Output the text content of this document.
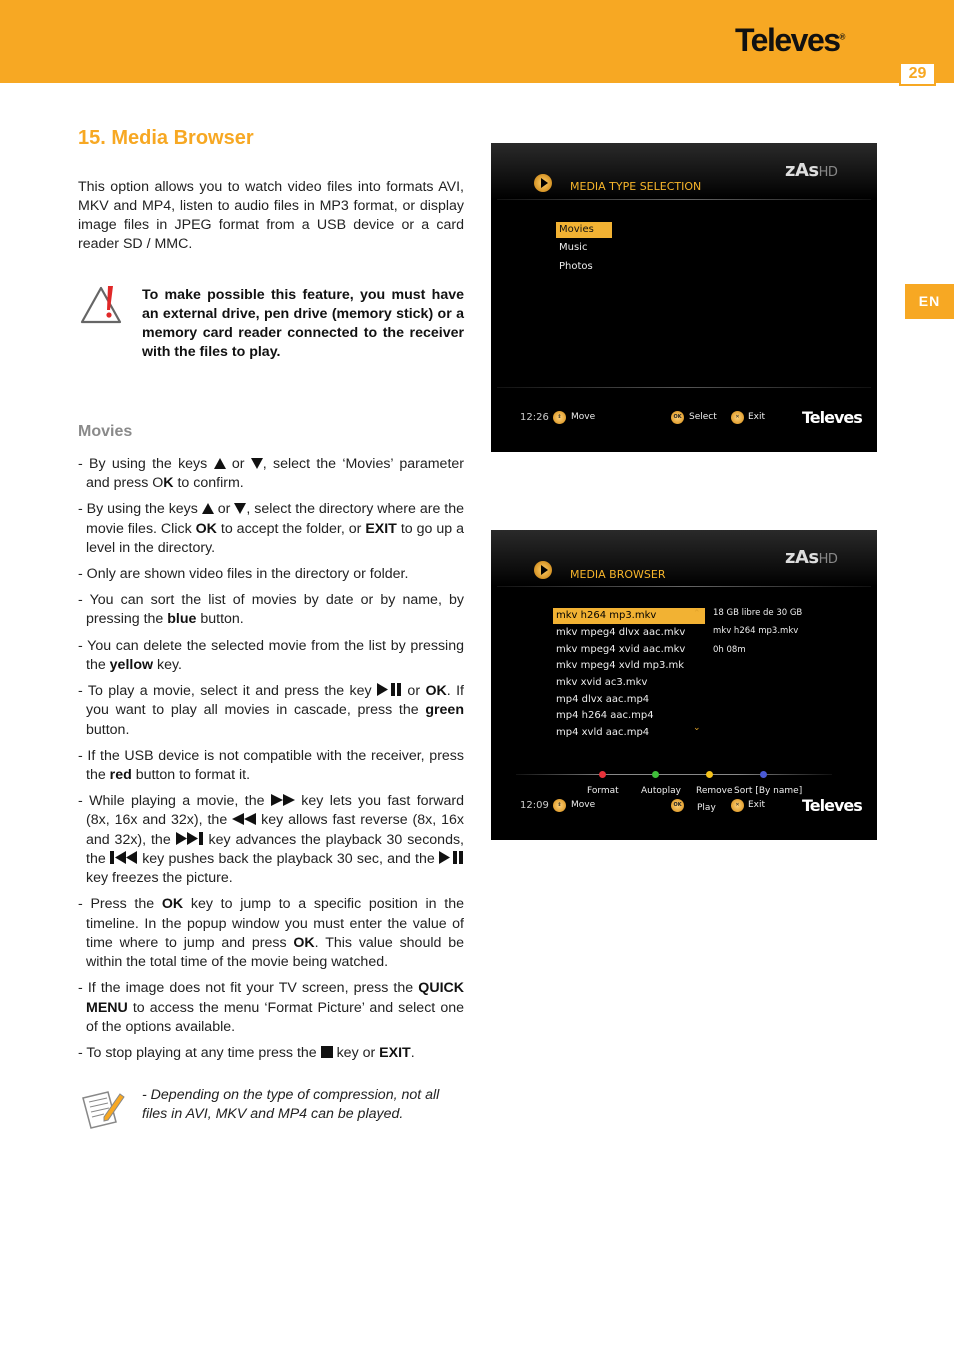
Televes®
29
EN
15. Media Browser

This option allows you to watch video files into formats AVI, MKV and MP4, listen to audio files in MP3 format, or display image files in JPEG format from a USB device or a card reader SD / MMC.

To make possible this feature, you must have an external drive, pen drive (memory stick) or a memory card reader connected to the receiver with the files to play.

Movies
- By using the keys  or , select the ‘Movies’ parameter and press OK to confirm.
- By using the keys  or , select the directory where are the movie files. Click OK to accept the folder, or EXIT to go up a level in the directory.
- Only are shown video files in the directory or folder.
- You can sort the list of movies by date or by name, by pressing the blue button.
- You can delete the selected movie from the list by pressing the yellow key.
- To play a movie, select it and press the key  or OK. If you want to play all movies in cascade, press the green button.
- If the USB device is not compatible with the receiver, press the red button to format it.
- While playing a movie, the  key lets you fast forward (8x, 16x and 32x), the  key allows fast reverse (8x, 16x and 32x), the  key advances the playback 30 seconds, the  key pushes back the playback 30 sec, and the  key freezes the picture.
- Press the OK key to jump to a specific position in the timeline. In the popup window you must enter the value of time where to jump and press OK. This value should be within the total time of the movie being watched.
- If the image does not fit your TV screen, press the QUICK MENU to access the menu ‘Format Picture’ and select one of the options available.
- To stop playing at any time press the  key or EXIT.

- Depending on the type of compression, not all files in AVI, MKV and MP4 can be played.

MEDIA TYPE SELECTION
zAsHD
Movies
Music
Photos
12:26	⇕	Move	OK Select	✕ Exit Televes
MEDIA BROWSER
zAsHD
mkv h264 mp3.mkv
mkv mpeg4 dlvx aac.mkv
mkv mpeg4 xvid aac.mkv
mkv mpeg4 xvld mp3.mk
mkv xvid ac3.mkv
mp4 dlvx aac.mp4
mp4 h264 aac.mp4
mp4 xvld aac.mp4
⌃
⌄
18 GB libre de 30 GB
mkv h264 mp3.mkv
0h 08m
Format Autoplay Remove Sort [By name]
12:09	⇕	Move	OK Play	✕ Exit Televes
